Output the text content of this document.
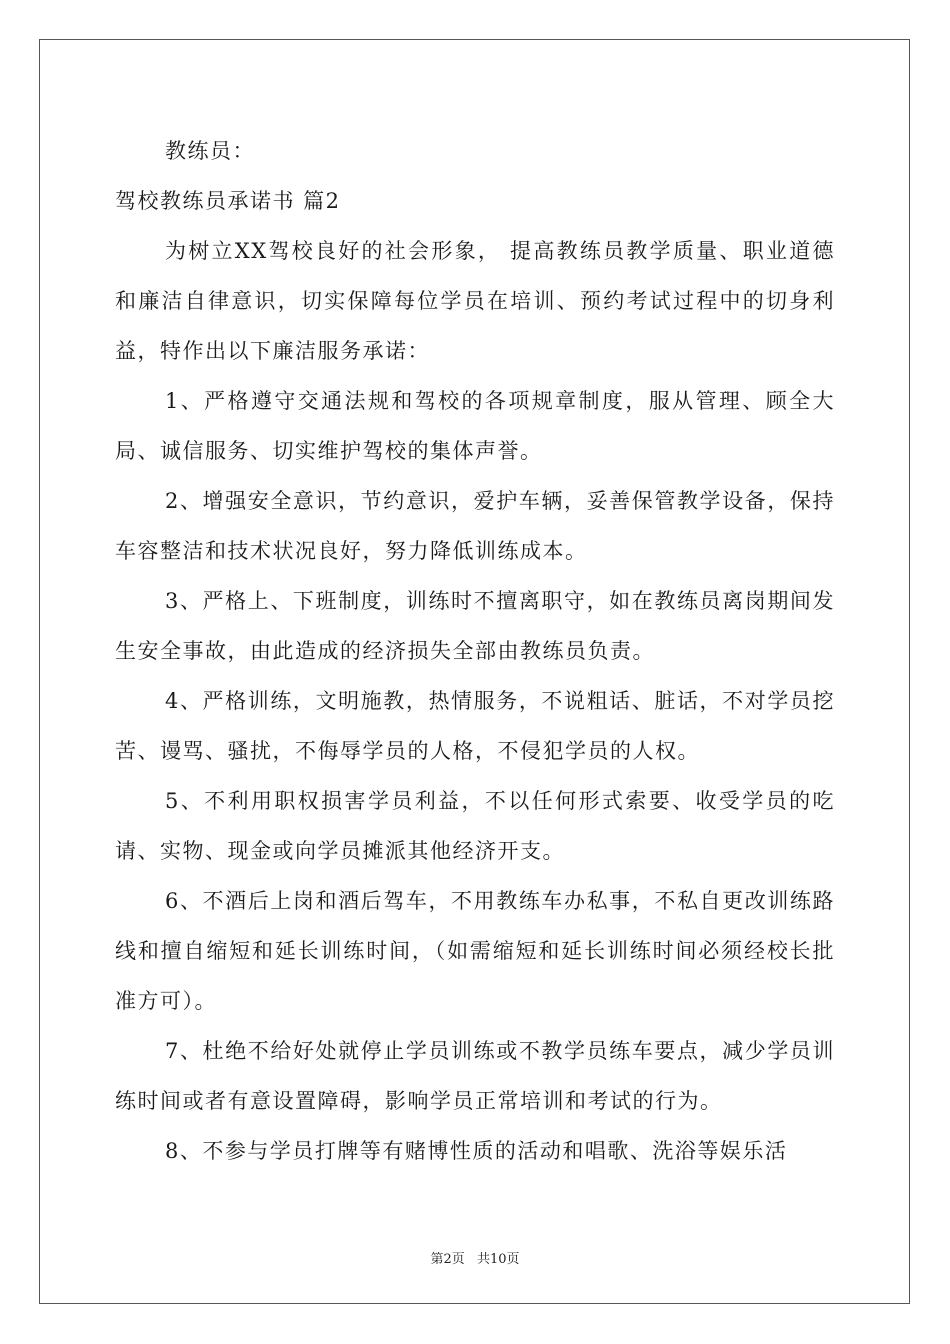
教练员：

驾校教练员承诺书 篇2

为树立XX驾校良好的社会形象， 提高教练员教学质量、职业道德和廉洁自律意识，切实保障每位学员在培训、预约考试过程中的切身利益，特作出以下廉洁服务承诺：

1、严格遵守交通法规和驾校的各项规章制度，服从管理、顾全大局、诚信服务、切实维护驾校的集体声誉。

2、增强安全意识，节约意识，爱护车辆，妥善保管教学设备，保持车容整洁和技术状况良好，努力降低训练成本。

3、严格上、下班制度，训练时不擅离职守，如在教练员离岗期间发生安全事故，由此造成的经济损失全部由教练员负责。

4、严格训练，文明施教，热情服务，不说粗话、脏话，不对学员挖苦、谩骂、骚扰，不侮辱学员的人格，不侵犯学员的人权。

5、不利用职权损害学员利益，不以任何形式索要、收受学员的吃请、实物、现金或向学员摊派其他经济开支。

6、不酒后上岗和酒后驾车，不用教练车办私事，不私自更改训练路线和擅自缩短和延长训练时间，（如需缩短和延长训练时间必须经校长批准方可）。

7、杜绝不给好处就停止学员训练或不教学员练车要点，减少学员训练时间或者有意设置障碍，影响学员正常培训和考试的行为。

8、不参与学员打牌等有赌博性质的活动和唱歌、洗浴等娱乐活

第2页 共10页
